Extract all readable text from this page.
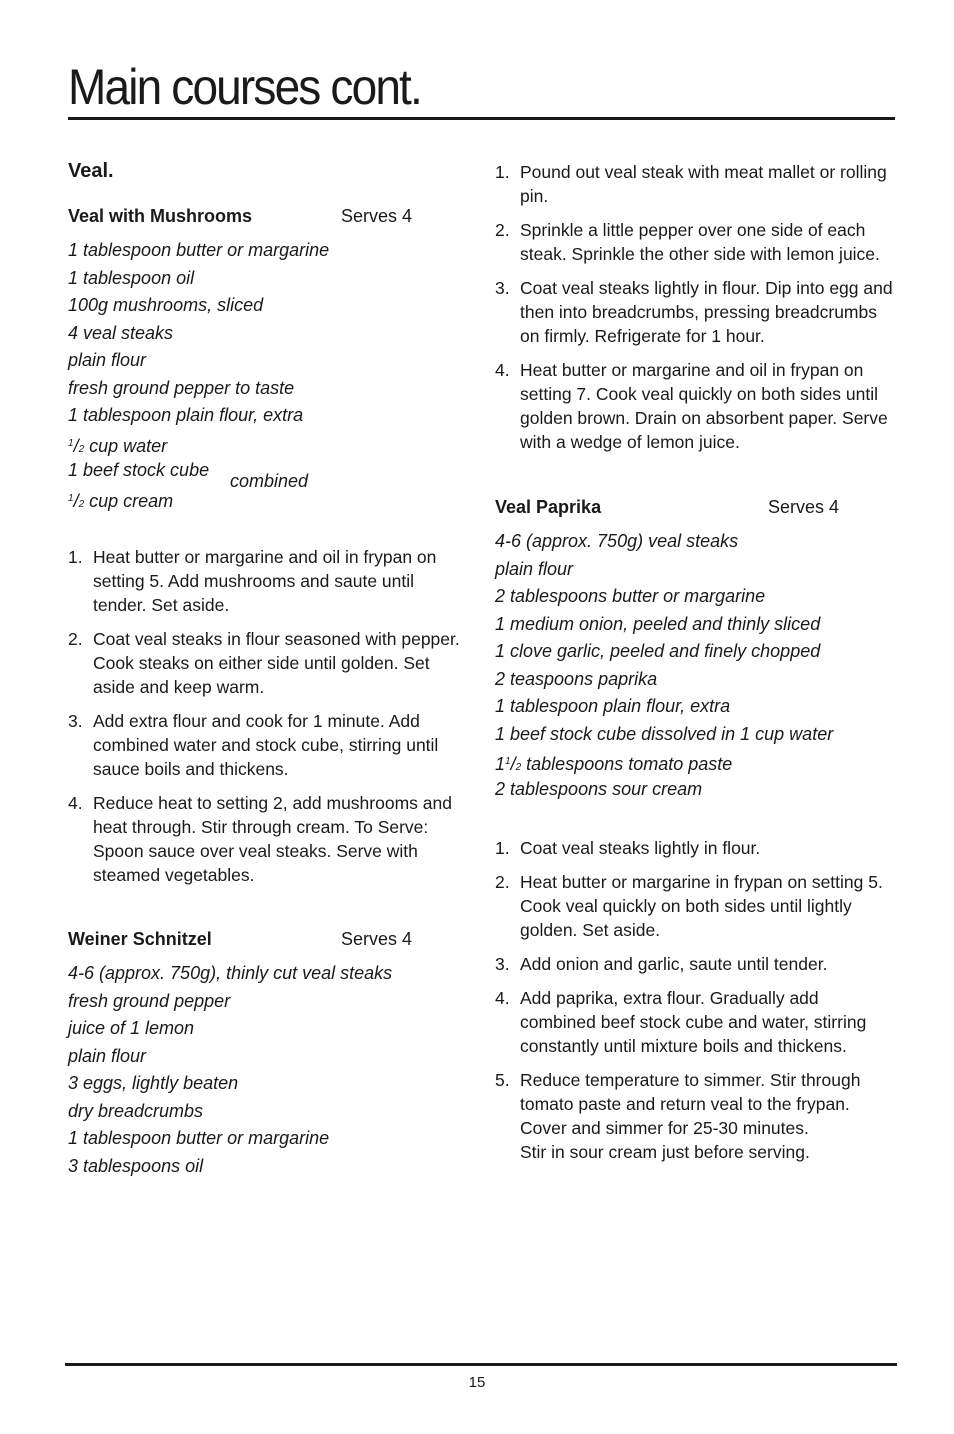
Main courses cont.
Veal.
Veal with Mushrooms	Serves 4
1 tablespoon butter or margarine
1 tablespoon oil
100g mushrooms, sliced
4 veal steaks
plain flour
fresh ground pepper to taste
1 tablespoon plain flour, extra
$^1$/2 cup water
1 beef stock cube
$^1$/2 cup cream
combined
1. Heat butter or margarine and oil in frypan on setting 5. Add mushrooms and saute until tender. Set aside.
2. Coat veal steaks in flour seasoned with pepper. Cook steaks on either side until golden. Set aside and keep warm.
3. Add extra flour and cook for 1 minute. Add combined water and stock cube, stirring until sauce boils and thickens.
4. Reduce heat to setting 2, add mushrooms and heat through. Stir through cream. To Serve: Spoon sauce over veal steaks. Serve with steamed vegetables.
Weiner Schnitzel	Serves 4
4-6 (approx. 750g), thinly cut veal steaks
fresh ground pepper
juice of 1 lemon
plain flour
3 eggs, lightly beaten
dry breadcrumbs
1 tablespoon butter or margarine
3 tablespoons oil
1. Pound out veal steak with meat mallet or rolling pin.
2. Sprinkle a little pepper over one side of each steak. Sprinkle the other side with lemon juice.
3. Coat veal steaks lightly in flour. Dip into egg and then into breadcrumbs, pressing breadcrumbs on firmly. Refrigerate for 1 hour.
4. Heat butter or margarine and oil in frypan on setting 7. Cook veal quickly on both sides until golden brown. Drain on absorbent paper. Serve with a wedge of lemon juice.
Veal Paprika	Serves 4
4-6 (approx. 750g) veal steaks
plain flour
2 tablespoons butter or margarine
1 medium onion, peeled and thinly sliced
1 clove garlic, peeled and finely chopped
2 teaspoons paprika
1 tablespoon plain flour, extra
1 beef stock cube dissolved in 1 cup water
$1^1/2$ tablespoons tomato paste
2 tablespoons sour cream
1. Coat veal steaks lightly in flour.
2. Heat butter or margarine in frypan on setting 5. Cook veal quickly on both sides until lightly golden. Set aside.
3. Add onion and garlic, saute until tender.
4. Add paprika, extra flour. Gradually add combined beef stock cube and water, stirring constantly until mixture boils and thickens.
5. Reduce temperature to simmer. Stir through tomato paste and return veal to the frypan. Cover and simmer for 25-30 minutes.
Stir in sour cream just before serving.
15
